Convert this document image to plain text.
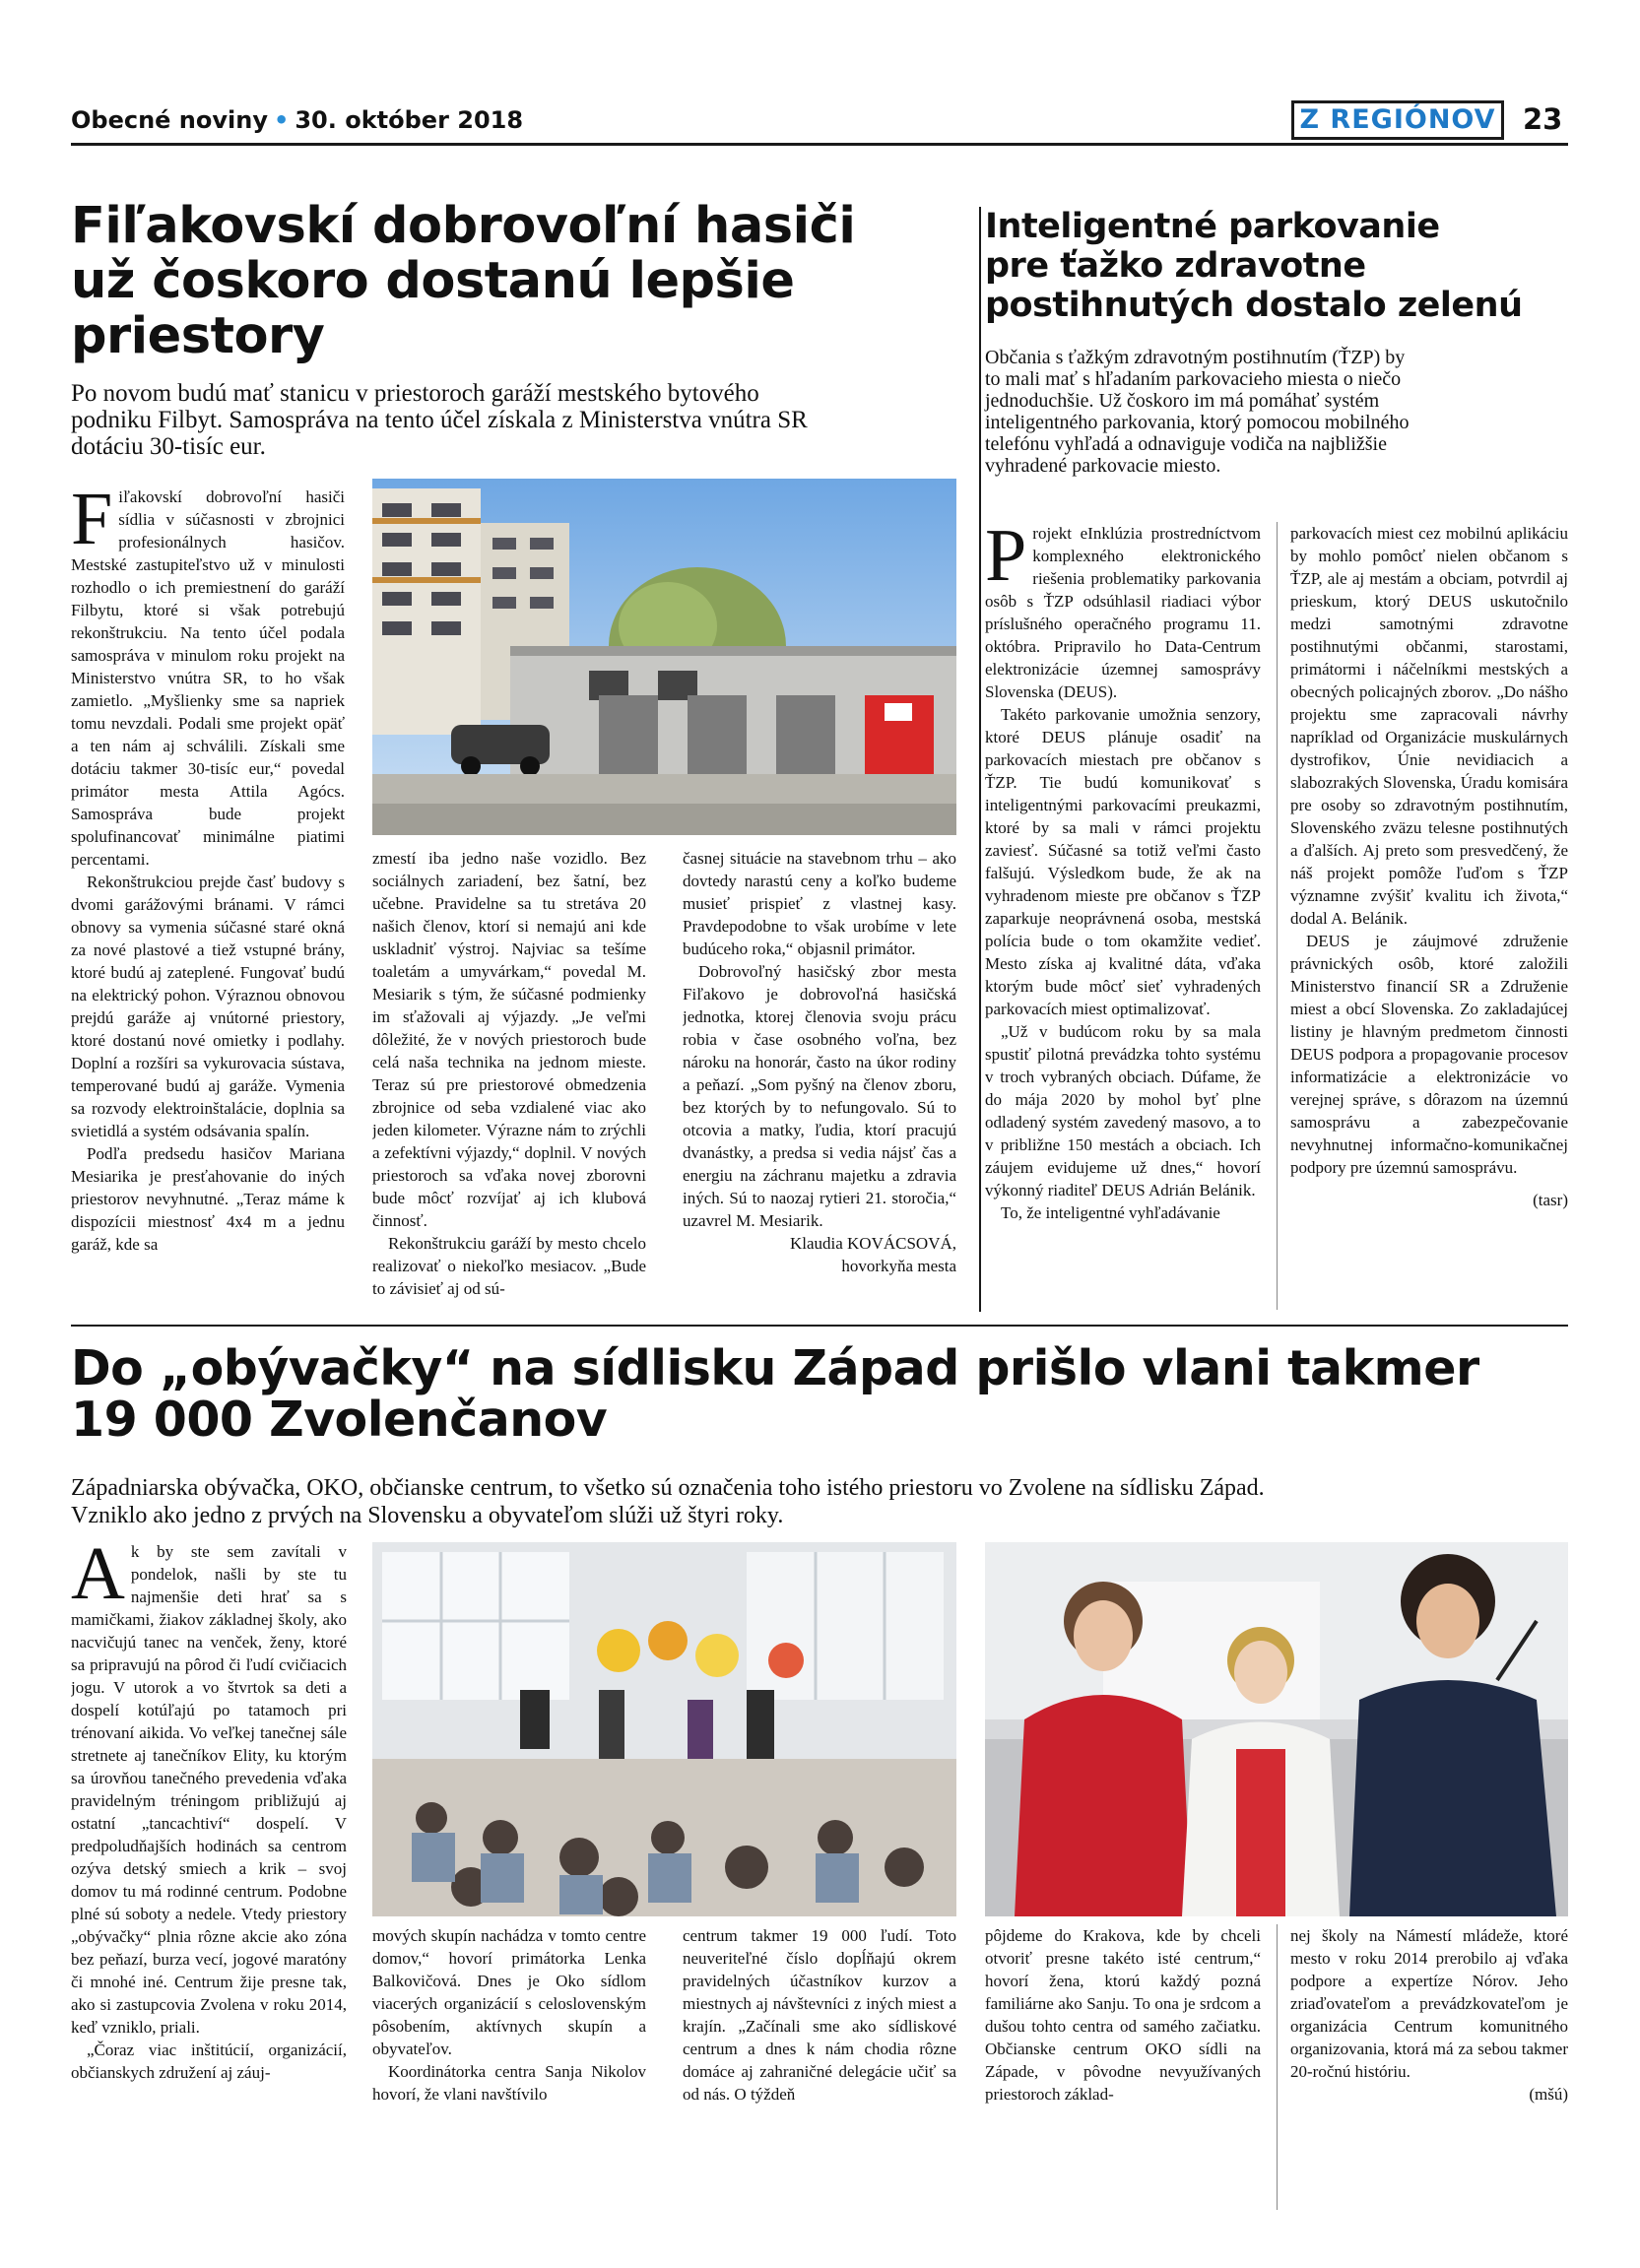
Obecné noviny • 30. október 2018	Z REGIÓNOV 23
Fiľakovskí dobrovoľní hasiči
už čoskoro dostanú lepšie
priestory
Po novom budú mať stanicu v priestoroch garáží mestského bytového
podniku Filbyt. Samospráva na tento účel získala z Ministerstva vnútra SR
dotáciu 30-tisíc eur.

Fiľakovskí dobrovoľní hasiči sídlia v súčasnosti v zbrojnici profesionálnych hasičov. Mestské zastupiteľstvo už v minulosti rozhodlo o ich premiestnení do garáží Filbytu, ktoré si však potrebujú rekonštrukciu. Na tento účel podala samospráva v minulom roku projekt na Ministerstvo vnútra SR, to ho však zamietlo. „Myšlienky sme sa napriek tomu nevzdali. Podali sme projekt opäť a ten nám aj schválili. Získali sme dotáciu takmer 30-tisíc eur,“ povedal primátor mesta Attila Agócs. Samospráva bude projekt spolufinancovať minimálne piatimi percentami.

Rekonštrukciou prejde časť budovy s dvomi garážovými bránami. V rámci obnovy sa vymenia súčasné staré okná za nové plastové a tiež vstupné brány, ktoré budú aj zateplené. Fungovať budú na elektrický pohon. Výraznou obnovou prejdú garáže aj vnútorné priestory, ktoré dostanú nové omietky i podlahy. Doplní a rozšíri sa vykurovacia sústava, temperované budú aj garáže. Vymenia sa rozvody elektroinštalácie, doplnia sa svietidlá a systém odsávania spalín.

Podľa predsedu hasičov Mariana Mesiarika je presťahovanie do iných priestorov nevyhnutné. „Teraz máme k dispozícii miestnosť 4x4 m a jednu garáž, kde sa

zmestí iba jedno naše vozidlo. Bez sociálnych zariadení, bez šatní, bez učebne. Pravidelne sa tu stretáva 20 našich členov, ktorí si nemajú ani kde uskladniť výstroj. Najviac sa tešíme toaletám a umyvárkam,“ povedal M. Mesiarik s tým, že súčasné podmienky im sťažovali aj výjazdy. „Je veľmi dôležité, že v nových priestoroch bude celá naša technika na jednom mieste. Teraz sú pre priestorové obmedzenia zbrojnice od seba vzdialené viac ako jeden kilometer. Výrazne nám to zrýchli a zefektívni výjazdy,“ doplnil. V nových priestoroch sa vďaka novej zborovni bude môcť rozvíjať aj ich klubová činnosť.

Rekonštrukciu garáží by mesto chcelo realizovať o niekoľko mesiacov. „Bude to závisieť aj od sú-

časnej situácie na stavebnom trhu – ako dovtedy narastú ceny a koľko budeme musieť prispieť z vlastnej kasy. Pravdepodobne to však urobíme v lete budúceho roka,“ objasnil primátor.

Dobrovoľný hasičský zbor mesta Fiľakovo je dobrovoľná hasičská jednotka, ktorej členovia svoju prácu robia v čase osobného voľna, bez nároku na honorár, často na úkor rodiny a peňazí. „Som pyšný na členov zboru, bez ktorých by to nefungovalo. Sú to otcovia a matky, ľudia, ktorí pracujú dvanástky, a predsa si vedia nájsť čas a energiu na záchranu majetku a zdravia iných. Sú to naozaj rytieri 21. storočia,“ uzavrel M. Mesiarik.

Klaudia KOVÁCSOVÁ,

hovorkyňa mesta

Inteligentné parkovanie
pre ťažko zdravotne
postihnutých dostalo zelenú
Občania s ťažkým zdravotným postihnutím (ŤZP) by
to mali mať s hľadaním parkovacieho miesta o niečo
jednoduchšie. Už čoskoro im má pomáhať systém
inteligentného parkovania, ktorý pomocou mobilného
telefónu vyhľadá a odnaviguje vodiča na najbližšie
vyhradené parkovacie miesto.

Projekt eInklúzia prostredníctvom komplexného elektronického riešenia problematiky parkovania osôb s ŤZP odsúhlasil riadiaci výbor príslušného operačného programu 11. októbra. Pripravilo ho Data-Centrum elektronizácie územnej samosprávy Slovenska (DEUS).

Takéto parkovanie umožnia senzory, ktoré DEUS plánuje osadiť na parkovacích miestach pre občanov s ŤZP. Tie budú komunikovať s inteligentnými parkovacími preukazmi, ktoré by sa mali v rámci projektu zaviesť. Súčasné sa totiž veľmi často falšujú. Výsledkom bude, že ak na vyhradenom mieste pre občanov s ŤZP zaparkuje neoprávnená osoba, mestská polícia bude o tom okamžite vedieť. Mesto získa aj kvalitné dáta, vďaka ktorým bude môcť sieť vyhradených parkovacích miest optimalizovať.

„Už v budúcom roku by sa mala spustiť pilotná prevádzka tohto systému v troch vybraných obciach. Dúfame, že do mája 2020 by mohol byť plne odladený systém zavedený masovo, a to v približne 150 mestách a obciach. Ich záujem evidujeme už dnes,“ hovorí výkonný riaditeľ DEUS Adrián Belánik.

To, že inteligentné vyhľadávanie

parkovacích miest cez mobilnú aplikáciu by mohlo pomôcť nielen občanom s ŤZP, ale aj mestám a obciam, potvrdil aj prieskum, ktorý DEUS uskutočnilo medzi samotnými zdravotne postihnutými občanmi, starostami, primátormi i náčelníkmi mestských a obecných policajných zborov. „Do nášho projektu sme zapracovali návrhy napríklad od Organizácie muskulárnych dystrofikov, Únie nevidiacich a slabozrakých Slovenska, Úradu komisára pre osoby so zdravotným postihnutím, Slovenského zväzu telesne postihnutých a ďalších. Aj preto som presvedčený, že náš projekt pomôže ľuďom s ŤZP významne zvýšiť kvalitu ich života,“ dodal A. Belánik.

DEUS je záujmové združenie právnických osôb, ktoré založili Ministerstvo financií SR a Združenie miest a obcí Slovenska. Zo zakladajúcej listiny je hlavným predmetom činnosti DEUS podpora a propagovanie procesov informatizácie a elektronizácie vo verejnej správe, s dôrazom na územnú samosprávu a zabezpečovanie nevyhnutnej informačno-komunikačnej podpory pre územnú samosprávu.

(tasr)

Do „obývačky“ na sídlisku Západ prišlo vlani takmer
19 000 Zvolenčanov
Západniarska obývačka, OKO, občianske centrum, to všetko sú označenia toho istého priestoru vo Zvolene na sídlisku Západ.
Vzniklo ako jedno z prvých na Slovensku a obyvateľom slúži už štyri roky.

Ak by ste sem zavítali v pondelok, našli by ste tu najmenšie deti hrať sa s mamičkami, žiakov základnej školy, ako nacvičujú tanec na venček, ženy, ktoré sa pripravujú na pôrod či ľudí cvičiacich jogu. V utorok a vo štvrtok sa deti a dospelí kotúľajú po tatamoch pri trénovaní aikida. Vo veľkej tanečnej sále stretnete aj tanečníkov Elity, ku ktorým sa úrovňou tanečného prevedenia vďaka pravidelným tréningom približujú aj ostatní „tancachtiví“ dospelí. V predpoludňajších hodinách sa centrom ozýva detský smiech a krik – svoj domov tu má rodinné centrum. Podobne plné sú soboty a nedele. Vtedy priestory „obývačky“ plnia rôzne akcie ako zóna bez peňazí, burza vecí, jogové maratóny či mnohé iné. Centrum žije presne tak, ako si zastupcovia Zvolena v roku 2014, keď vzniklo, priali.

„Čoraz viac inštitúcií, organizácií, občianskych združení aj záuj-

mových skupín nachádza v tomto centre domov,“ hovorí primátorka Lenka Balkovičová. Dnes je Oko sídlom viacerých organizácií s celoslovenským pôsobením, aktívnych skupín a obyvateľov.

Koordinátorka centra Sanja Nikolov hovorí, že vlani navštívilo

centrum takmer 19 000 ľudí. Toto neuveriteľné číslo dopĺňajú okrem pravidelných účastníkov kurzov a miestnych aj návštevníci z iných miest a krajín. „Začínali sme ako sídliskové centrum a dnes k nám chodia rôzne domáce aj zahraničné delegácie učiť sa od nás. O týždeň

pôjdeme do Krakova, kde by chceli otvoriť presne takéto isté centrum,“ hovorí žena, ktorú každý pozná familiárne ako Sanju. To ona je srdcom a dušou tohto centra od samého začiatku. Občianske centrum OKO sídli na Západe, v pôvodne nevyužívaných priestoroch základ-

nej školy na Námestí mládeže, ktoré mesto v roku 2014 prerobilo aj vďaka podpore a expertíze Nórov. Jeho zriaďovateľom a prevádzkovateľom je organizácia Centrum komunitného organizovania, ktorá má za sebou takmer 20-ročnú históriu.

(mšú)
